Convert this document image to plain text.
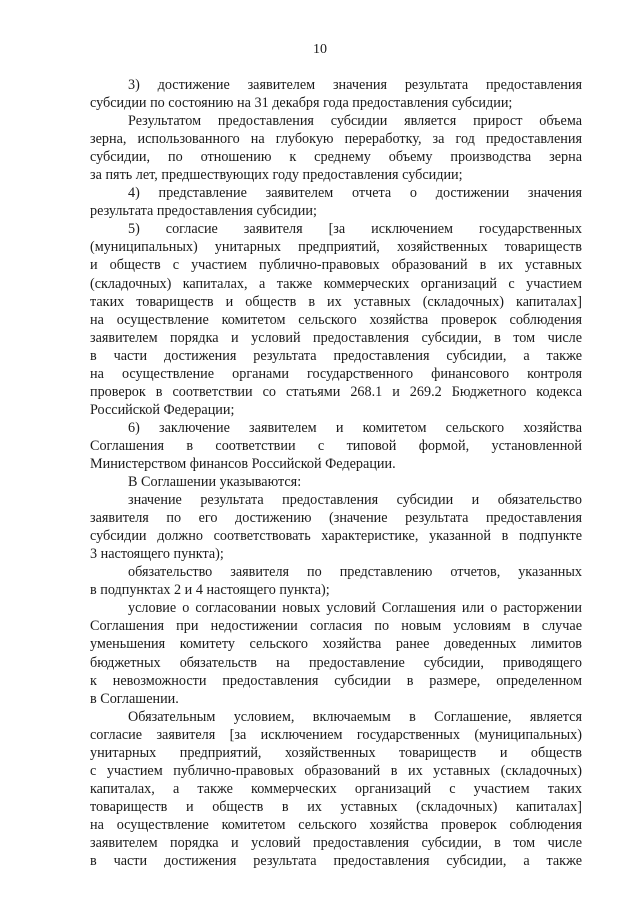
10
3) достижение заявителем значения результата предоставления
субсидии по состоянию на 31 декабря года предоставления субсидии;
Результатом предоставления субсидии является прирост объема
зерна, использованного на глубокую переработку, за год предоставления
субсидии, по отношению к среднему объему производства зерна
за пять лет, предшествующих году предоставления субсидии;
4) представление заявителем отчета о достижении значения
результата предоставления субсидии;
5) согласие заявителя [за исключением государственных
(муниципальных) унитарных предприятий, хозяйственных товариществ
и обществ с участием публично-правовых образований в их уставных
(складочных) капиталах, а также коммерческих организаций с участием
таких товариществ и обществ в их уставных (складочных) капиталах]
на осуществление комитетом сельского хозяйства проверок соблюдения
заявителем порядка и условий предоставления субсидии, в том числе
в части достижения результата предоставления субсидии, а также
на осуществление органами государственного финансового контроля
проверок в соответствии со статьями 268.1 и 269.2 Бюджетного кодекса
Российской Федерации;
6) заключение заявителем и комитетом сельского хозяйства
Соглашения в соответствии с типовой формой, установленной
Министерством финансов Российской Федерации.
В Соглашении указываются:
значение результата предоставления субсидии и обязательство
заявителя по его достижению (значение результата предоставления
субсидии должно соответствовать характеристике, указанной в подпункте
3 настоящего пункта);
обязательство заявителя по представлению отчетов, указанных
в подпунктах 2 и 4 настоящего пункта);
условие о согласовании новых условий Соглашения или о расторжении
Соглашения при недостижении согласия по новым условиям в случае
уменьшения комитету сельского хозяйства ранее доведенных лимитов
бюджетных обязательств на предоставление субсидии, приводящего
к невозможности предоставления субсидии в размере, определенном
в Соглашении.
Обязательным условием, включаемым в Соглашение, является
согласие заявителя [за исключением государственных (муниципальных)
унитарных предприятий, хозяйственных товариществ и обществ
с участием публично-правовых образований в их уставных (складочных)
капиталах, а также коммерческих организаций с участием таких
товариществ и обществ в их уставных (складочных) капиталах]
на осуществление комитетом сельского хозяйства проверок соблюдения
заявителем порядка и условий предоставления субсидии, в том числе
в части достижения результата предоставления субсидии, а также
